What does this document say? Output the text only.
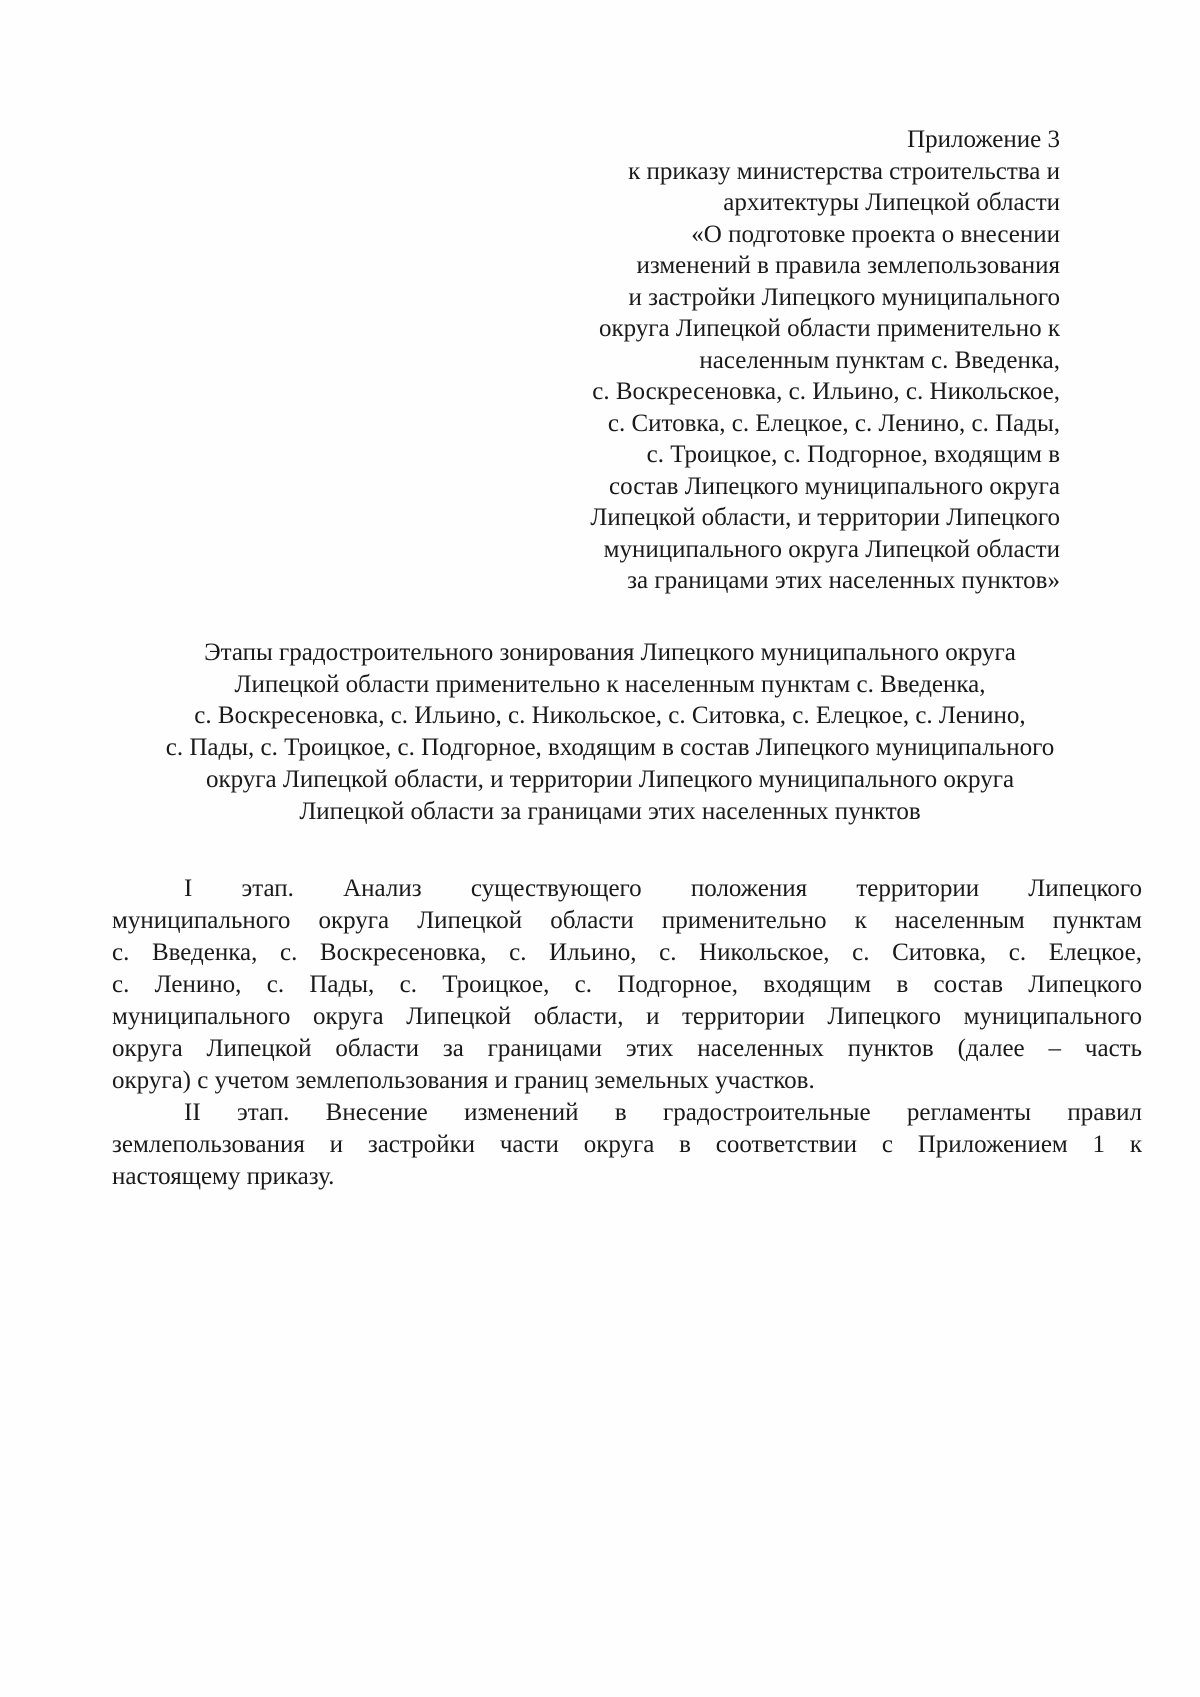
Приложение 3
к приказу министерства строительства и
архитектуры Липецкой области
«О подготовке проекта о внесении
изменений в правила землепользования
и застройки Липецкого муниципального
округа Липецкой области применительно к
населенным пунктам с. Введенка,
с. Воскресеновка, с. Ильино, с. Никольское,
с. Ситовка, с. Елецкое, с. Ленино, с. Пады,
с. Троицкое, с. Подгорное, входящим в
состав Липецкого муниципального округа
Липецкой области, и территории Липецкого
муниципального округа Липецкой области
за границами этих населенных пунктов»
Этапы градостроительного зонирования Липецкого муниципального округа
Липецкой области применительно к населенным пунктам с. Введенка,
с. Воскресеновка, с. Ильино, с. Никольское, с. Ситовка, с. Елецкое, с. Ленино,
с. Пады, с. Троицкое, с. Подгорное, входящим в состав Липецкого муниципального
округа Липецкой области, и территории Липецкого муниципального округа
Липецкой области за границами этих населенных пунктов
I этап. Анализ существующего положения территории Липецкого
муниципального округа Липецкой области применительно к населенным пунктам
с. Введенка, с. Воскресеновка, с. Ильино, с. Никольское, с. Ситовка, с. Елецкое,
с. Ленино, с. Пады, с. Троицкое, с. Подгорное, входящим в состав Липецкого
муниципального округа Липецкой области, и территории Липецкого муниципального
округа Липецкой области за границами этих населенных пунктов (далее – часть
округа) с учетом землепользования и границ земельных участков.
II этап. Внесение изменений в градостроительные регламенты правил
землепользования и застройки части округа в соответствии с Приложением 1 к
настоящему приказу.
